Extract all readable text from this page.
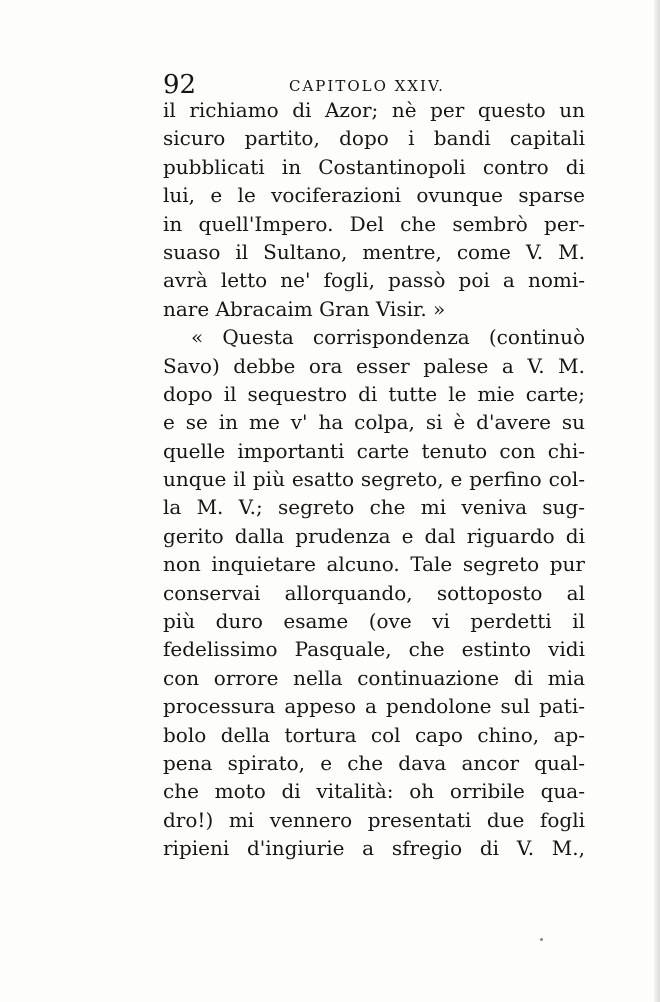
92	CAPITOLO XXIV.
il richiamo di Azor; nè per questo un
sicuro partito, dopo i bandi capitali
pubblicati in Costantinopoli contro di
lui, e le vociferazioni ovunque sparse
in quell'Impero. Del che sembrò per-
suaso il Sultano, mentre, come V. M.
avrà letto ne' fogli, passò poi a nomi-
nare Abracaim Gran Visir. »
« Questa corrispondenza (continuò
Savo) debbe ora esser palese a V. M.
dopo il sequestro di tutte le mie carte;
e se in me v' ha colpa, si è d'avere su
quelle importanti carte tenuto con chi-
unque il più esatto segreto, e perfino col-
la M. V.; segreto che mi veniva sug-
gerito dalla prudenza e dal riguardo di
non inquietare alcuno. Tale segreto pur
conservai allorquando, sottoposto al
più duro esame (ove vi perdetti il
fedelissimo Pasquale, che estinto vidi
con orrore nella continuazione di mia
processura appeso a pendolone sul pati-
bolo della tortura col capo chino, ap-
pena spirato, e che dava ancor qual-
che moto di vitalità: oh orribile qua-
dro!) mi vennero presentati due fogli
ripieni d'ingiurie a sfregio di V. M.,
